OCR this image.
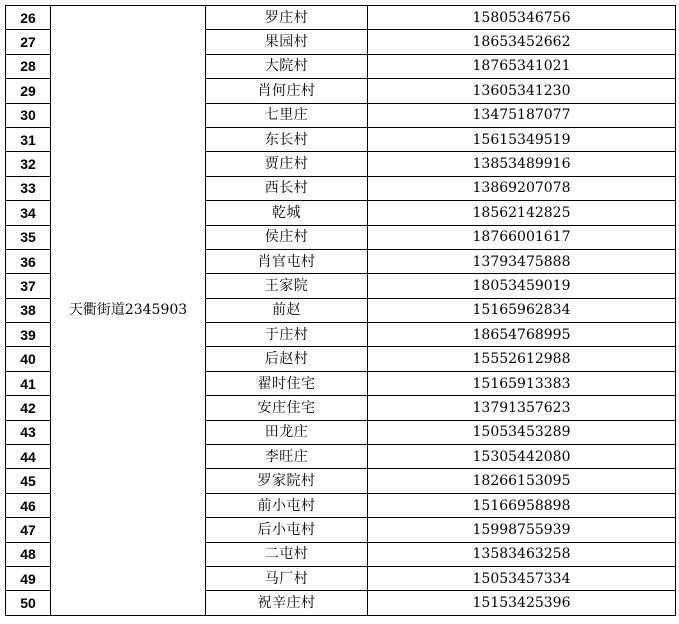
26	天衢街道2345903	罗庄村	15805346756
27		果园村	18653452662
28		大院村	18765341021
29		肖何庄村	13605341230
30		七里庄	13475187077
31		东长村	15615349519
32		贾庄村	13853489916
33		西长村	13869207078
34		乾城	18562142825
35		侯庄村	18766001617
36		肖官屯村	13793475888
37		王家院	18053459019
38		前赵	15165962834
39		于庄村	18654768995
40		后赵村	15552612988
41		翟时住宅	15165913383
42		安庄住宅	13791357623
43		田龙庄	15053453289
44		李旺庄	15305442080
45		罗家院村	18266153095
46		前小屯村	15166958898
47		后小屯村	15998755939
48		二屯村	13583463258
49		马厂村	15053457334
50		祝辛庄村	15153425396
